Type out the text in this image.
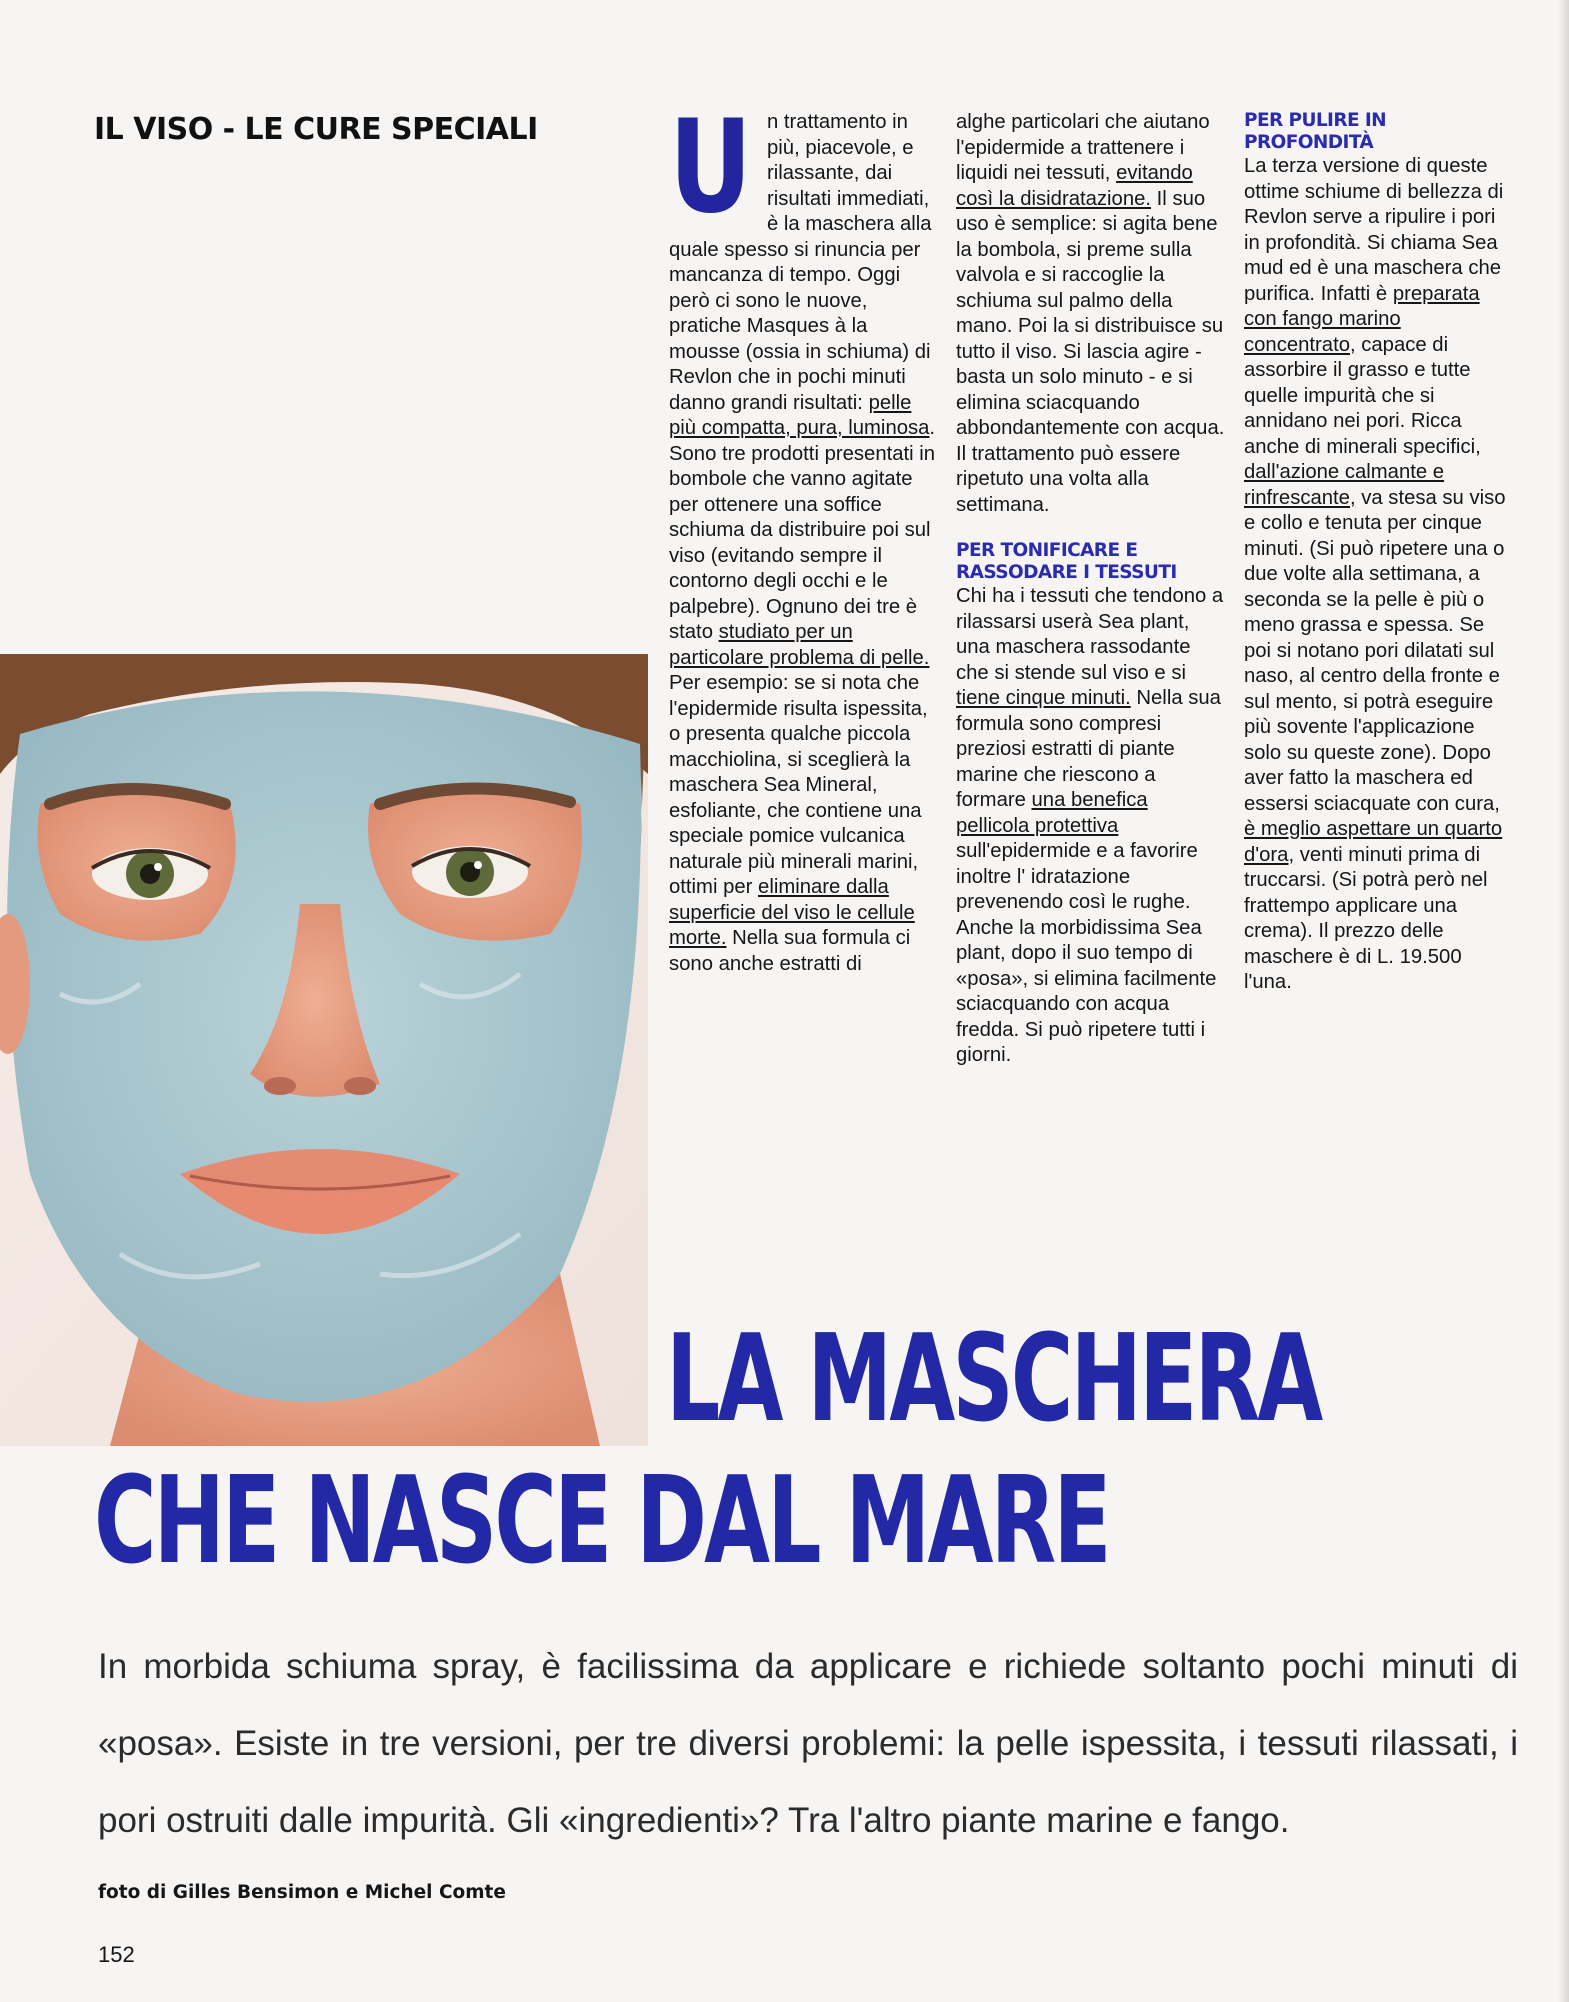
IL VISO - LE CURE SPECIALI Un trattamento in più, piacevole, e rilassante, dai risultati immediati, è la maschera alla quale spesso si rinuncia per mancanza di tempo. Oggi però ci sono le nuove, pratiche Masques à la mousse (ossia in schiuma) di Revlon che in pochi minuti danno grandi risultati: pelle più compatta, pura, luminosa. Sono tre prodotti presentati in bombole che vanno agitate per ottenere una soffice schiuma da distribuire poi sul viso (evitando sempre il contorno degli occhi e le palpebre). Ognuno dei tre è stato studiato per un particolare problema di pelle. Per esempio: se si nota che l'epidermide risulta ispessita, o presenta qualche piccola macchiolina, si sceglierà la maschera Sea Mineral, esfoliante, che contiene una speciale pomice vulcanica naturale più minerali marini, ottimi per eliminare dalla superficie del viso le cellule morte. Nella sua formula ci sono anche estratti di

alghe particolari che aiutano l'epidermide a trattenere i liquidi nei tessuti, evitando così la disidratazione. Il suo uso è semplice: si agita bene la bombola, si preme sulla valvola e si raccoglie la schiuma sul palmo della mano. Poi la si distribuisce su tutto il viso. Si lascia agire - basta un solo minuto - e si elimina sciacquando abbondantemente con acqua. Il trattamento può essere ripetuto una volta alla settimana.

PER TONIFICARE E RASSODARE I TESSUTI

Chi ha i tessuti che tendono a rilassarsi userà Sea plant, una maschera rassodante che si stende sul viso e si tiene cinque minuti. Nella sua formula sono compresi preziosi estratti di piante marine che riescono a formare una benefica pellicola protettiva sull'epidermide e a favorire inoltre l' idratazione prevenendo così le rughe. Anche la morbidissima Sea plant, dopo il suo tempo di «posa», si elimina facilmente sciacquando con acqua fredda. Si può ripetere tutti i giorni.

PER PULIRE IN PROFONDITÀ

La terza versione di queste ottime schiume di bellezza di Revlon serve a ripulire i pori in profondità. Si chiama Sea mud ed è una maschera che purifica. Infatti è preparata con fango marino concentrato, capace di assorbire il grasso e tutte quelle impurità che si annidano nei pori. Ricca anche di minerali specifici, dall'azione calmante e rinfrescante, va stesa su viso e collo e tenuta per cinque minuti. (Si può ripetere una o due volte alla settimana, a seconda se la pelle è più o meno grassa e spessa. Se poi si notano pori dilatati sul naso, al centro della fronte e sul mento, si potrà eseguire più sovente l'applicazione solo su queste zone). Dopo aver fatto la maschera ed essersi sciacquate con cura, è meglio aspettare un quarto d'ora, venti minuti prima di truccarsi. (Si potrà però nel frattempo applicare una crema). Il prezzo delle maschere è di L. 19.500 l'una.

LA MASCHERA
CHE NASCE DAL MARE

In morbida schiuma spray, è facilissima da applicare e richiede soltanto pochi minuti di «posa». Esiste in tre versioni, per tre diversi problemi: la pelle ispessita, i tessuti rilassati, i pori ostruiti dalle impurità. Gli «ingredienti»? Tra l'altro piante marine e fango.

foto di Gilles Bensimon e Michel Comte
152
